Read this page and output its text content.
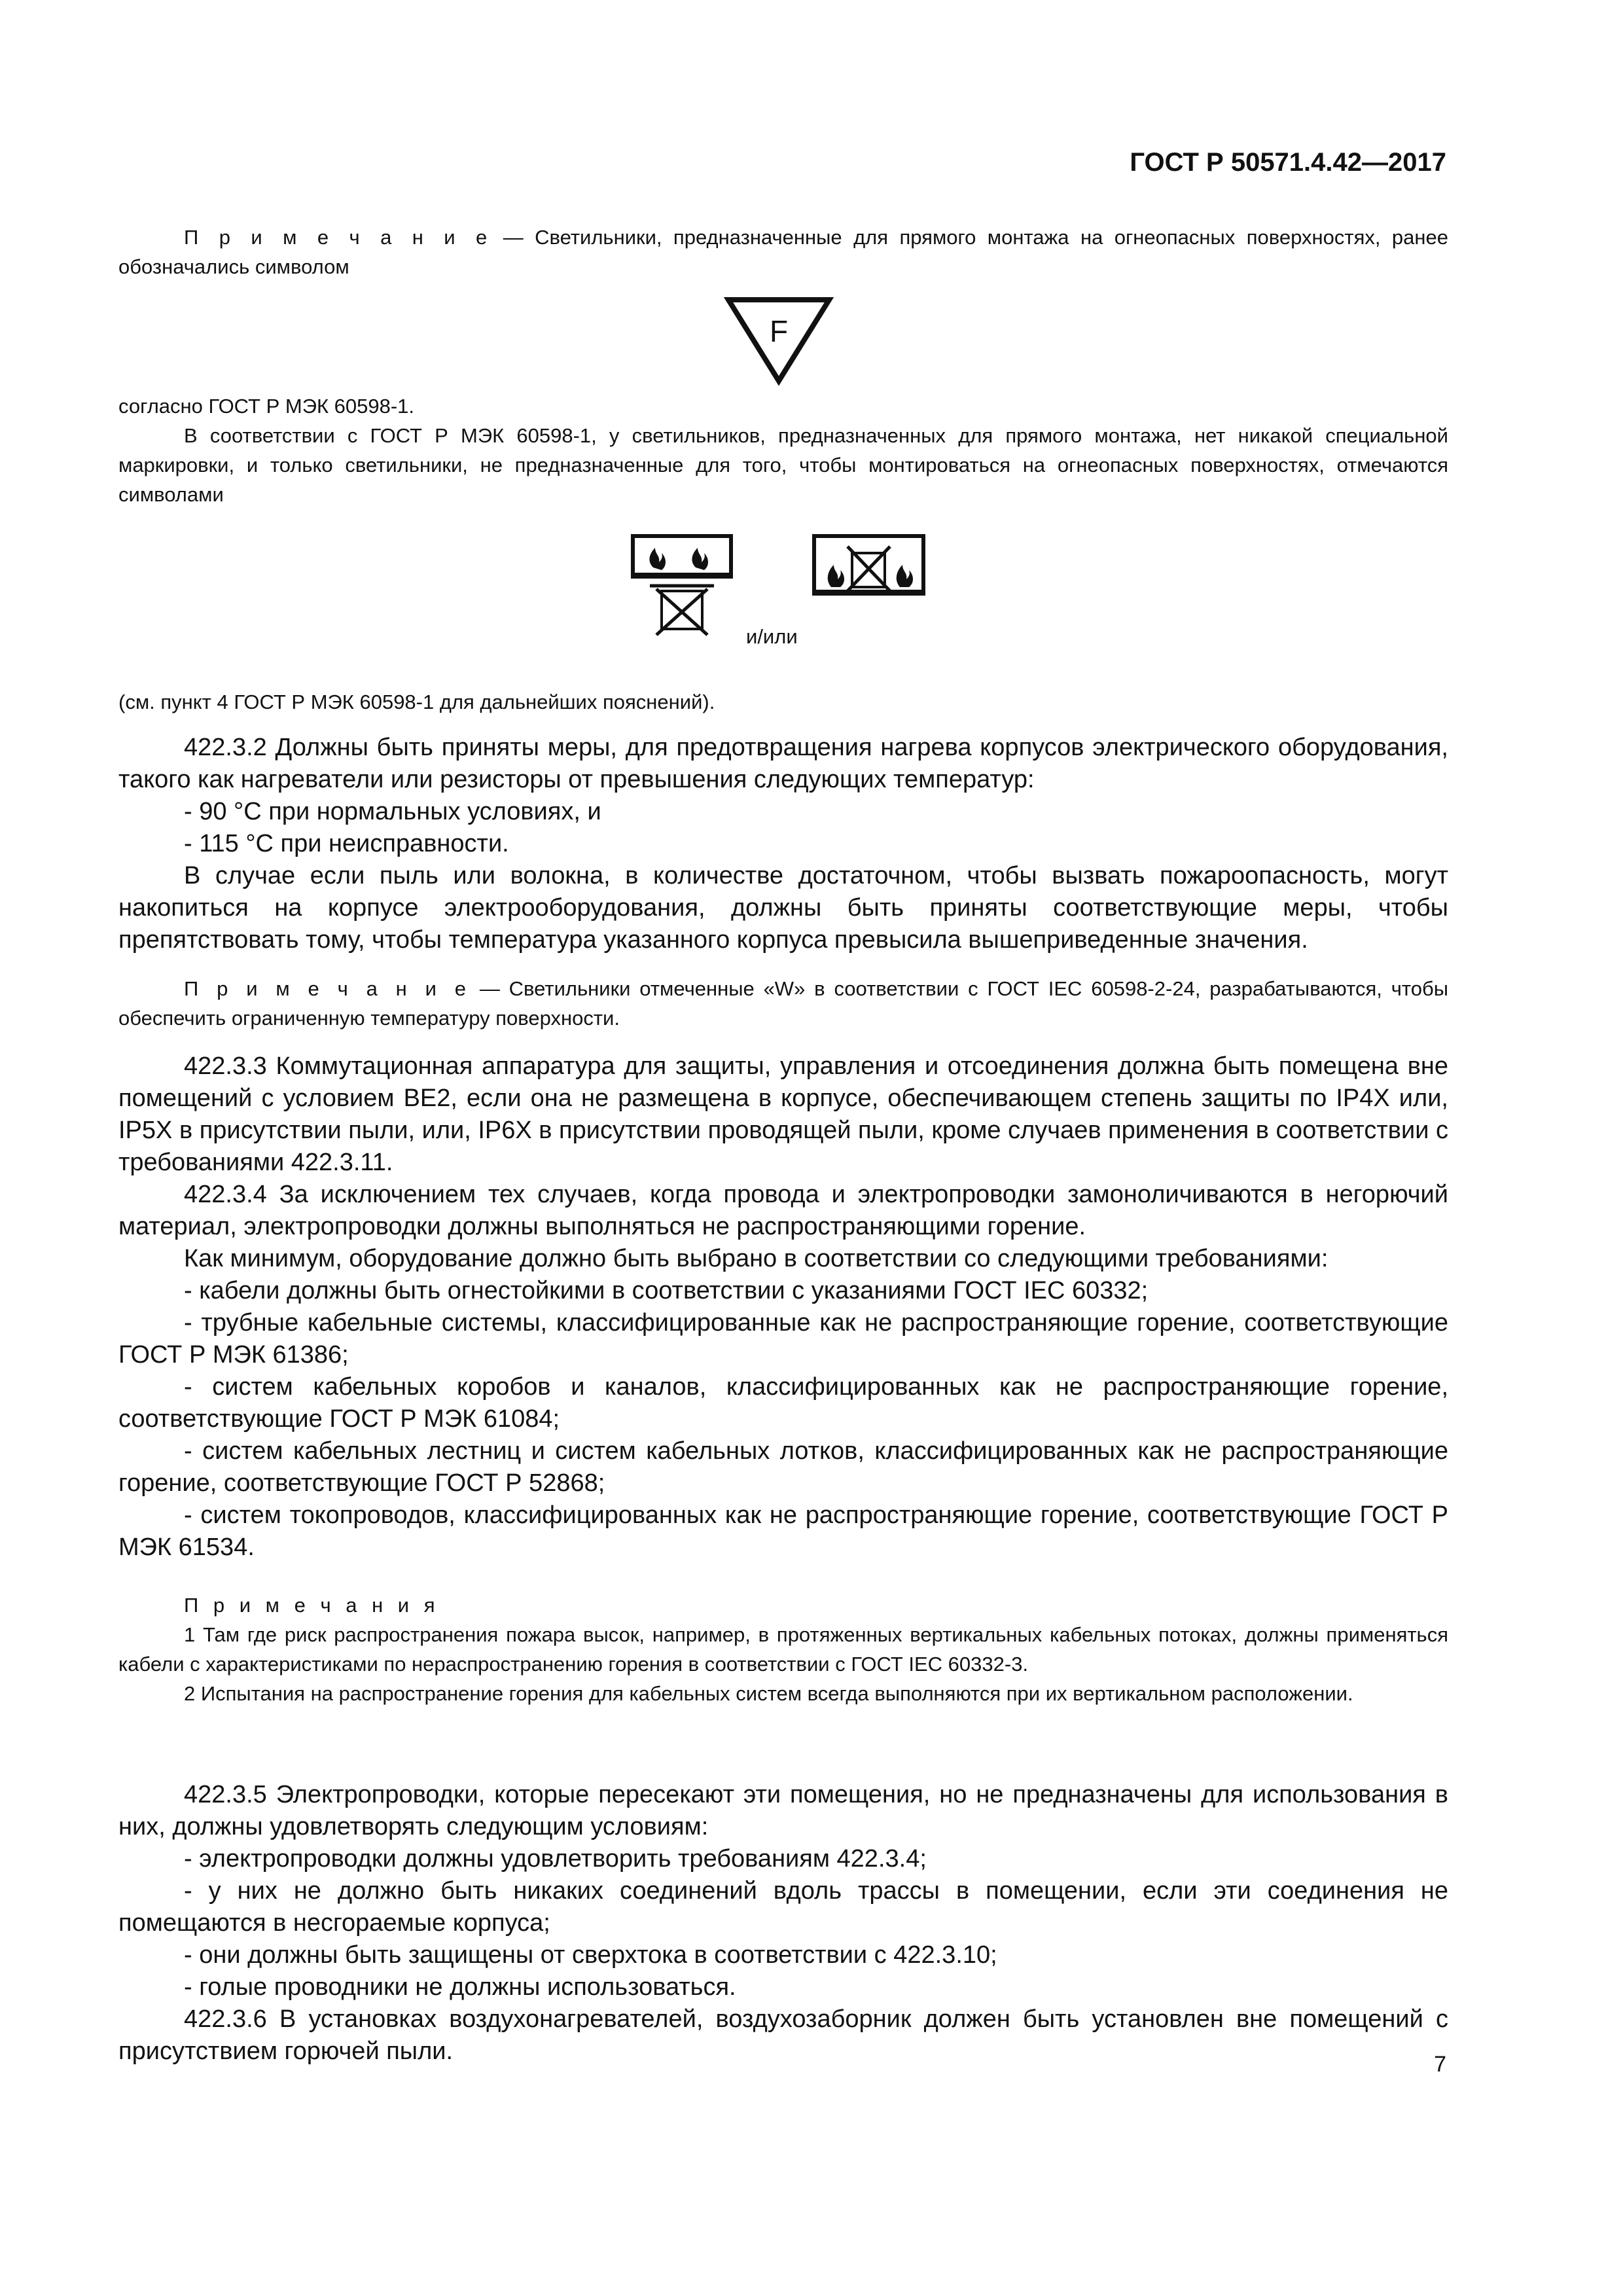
ГОСТ Р 50571.4.42—2017

П р и м е ч а н и е — Светильники, предназначенные для прямого монтажа на огнеопасных поверхностях, ранее обозначались символом

F

согласно ГОСТ Р МЭК 60598-1.

В соответствии с ГОСТ Р МЭК 60598-1, у светильников, предназначенных для прямого монтажа, нет никакой специальной маркировки, и только светильники, не предназначенные для того, чтобы монтироваться на огнеопасных поверхностях, отмечаются символами

и/или

(см. пункт 4 ГОСТ Р МЭК 60598-1 для дальнейших пояснений).

422.3.2 Должны быть приняты меры, для предотвращения нагрева корпусов электрического оборудования, такого как нагреватели или резисторы от превышения следующих температур:

- 90 °С при нормальных условиях, и

- 115 °С при неисправности.

В случае если пыль или волокна, в количестве достаточном, чтобы вызвать пожароопасность, могут накопиться на корпусе электрооборудования, должны быть приняты соответствующие меры, чтобы препятствовать тому, чтобы температура указанного корпуса превысила вышеприведенные значения.

П р и м е ч а н и е — Светильники отмеченные «W» в соответствии с ГОСТ IEC 60598-2-24, разрабатываются, чтобы обеспечить ограниченную температуру поверхности.

422.3.3 Коммутационная аппаратура для защиты, управления и отсоединения должна быть помещена вне помещений с условием ВЕ2, если она не размещена в корпусе, обеспечивающем степень защиты по IP4X или, IP5X в присутствии пыли, или, IP6X в присутствии проводящей пыли, кроме случаев применения в соответствии с требованиями 422.3.11.

422.3.4 За исключением тех случаев, когда провода и электропроводки замоноличиваются в негорючий материал, электропроводки должны выполняться не распространяющими горение.

Как минимум, оборудование должно быть выбрано в соответствии со следующими требованиями:

- кабели должны быть огнестойкими в соответствии с указаниями ГОСТ IEC 60332;

- трубные кабельные системы, классифицированные как не распространяющие горение, соответствующие ГОСТ Р МЭК 61386;

- систем кабельных коробов и каналов, классифицированных как не распространяющие горение, соответствующие ГОСТ Р МЭК 61084;

- систем кабельных лестниц и систем кабельных лотков, классифицированных как не распространяющие горение, соответствующие ГОСТ Р 52868;

- систем токопроводов, классифицированных как не распространяющие горение, соответствующие ГОСТ Р МЭК 61534.

П р и м е ч а н и я

1 Там где риск распространения пожара высок, например, в протяженных вертикальных кабельных потоках, должны применяться кабели с характеристиками по нераспространению горения в соответствии с ГОСТ IEC 60332-3.

2 Испытания на распространение горения для кабельных систем всегда выполняются при их вертикальном расположении.

422.3.5 Электропроводки, которые пересекают эти помещения, но не предназначены для использования в них, должны удовлетворять следующим условиям:

- электропроводки должны удовлетворить требованиям 422.3.4;

- у них не должно быть никаких соединений вдоль трассы в помещении, если эти соединения не помещаются в несгораемые корпуса;

- они должны быть защищены от сверхтока в соответствии с 422.3.10;

- голые проводники не должны использоваться.

422.3.6 В установках воздухонагревателей, воздухозаборник должен быть установлен вне помещений с присутствием горючей пыли.	7
